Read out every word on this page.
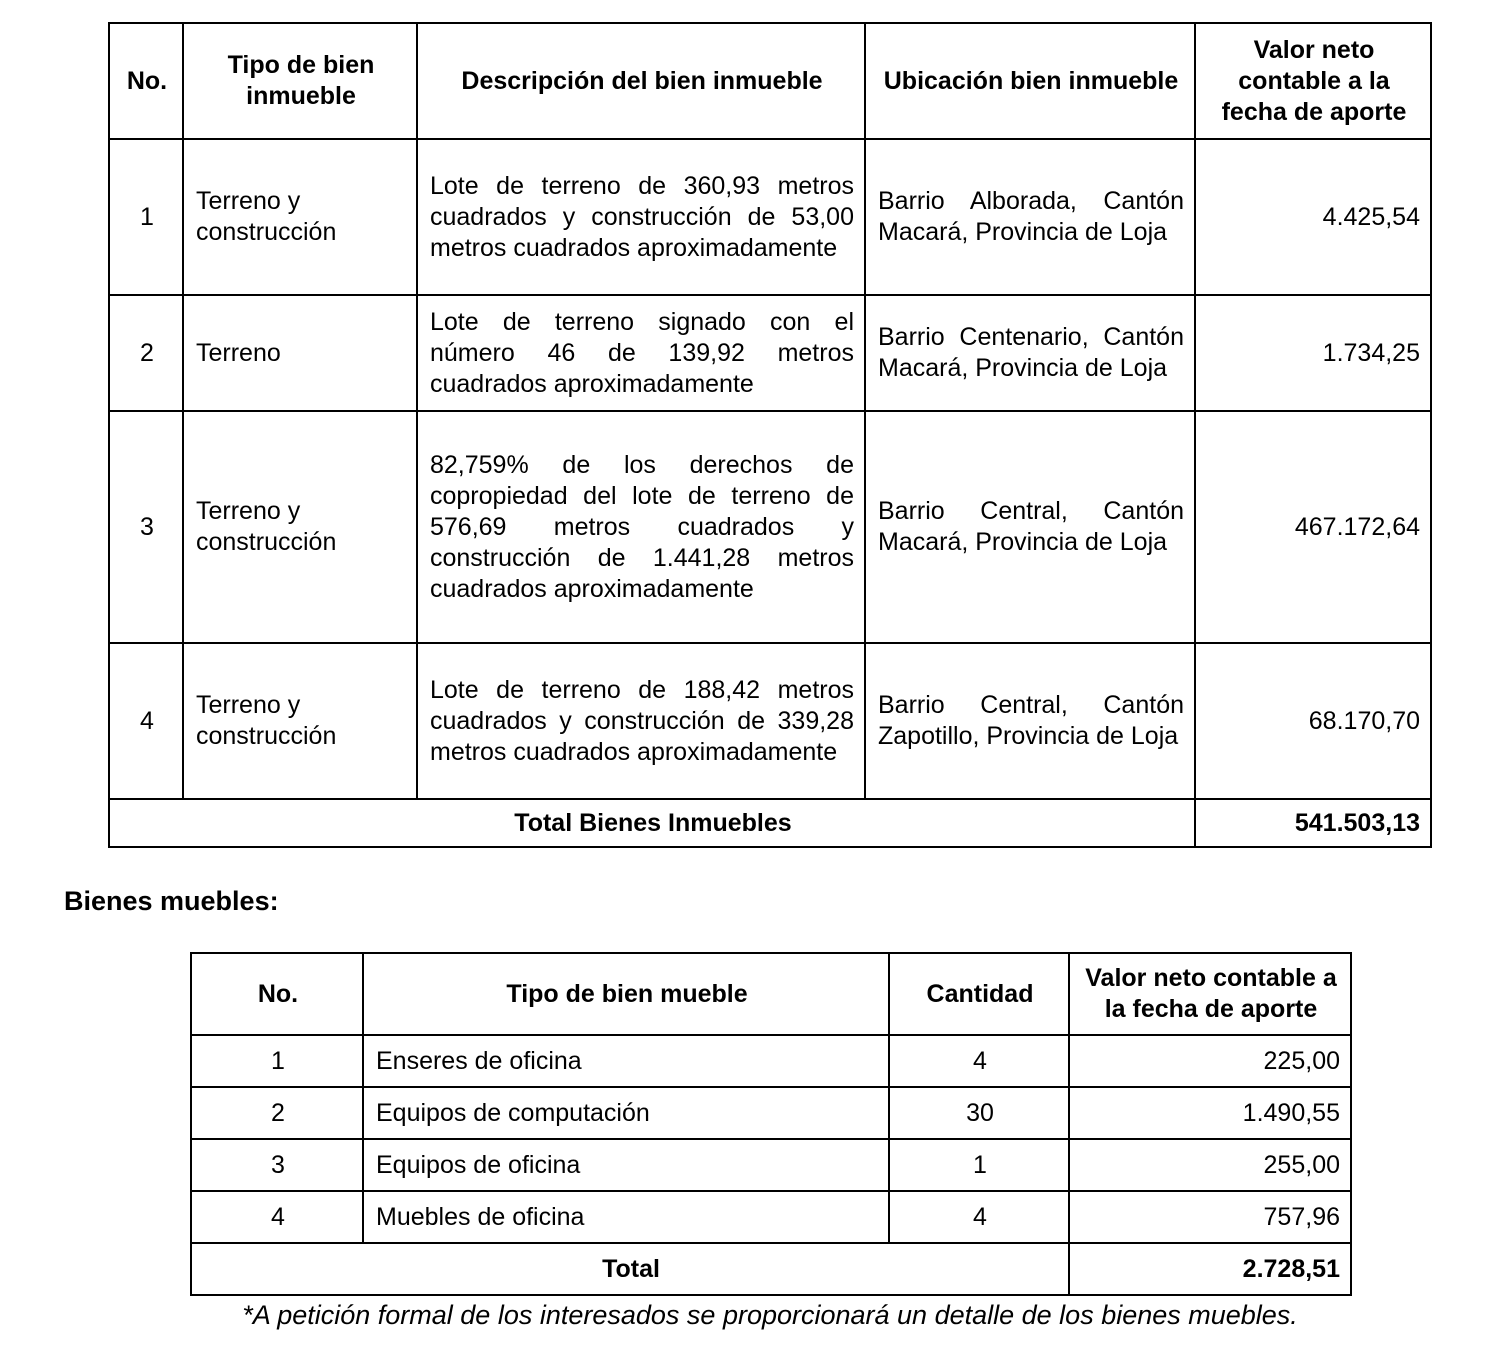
No.	Tipo de bien inmueble	Descripción del bien inmueble	Ubicación bien inmueble	Valor neto contable a la fecha de aporte
1	Terreno y construcción	Lote de terreno de 360,93 metros cuadrados y construcción de 53,00 metros cuadrados aproximadamente	Barrio Alborada, Cantón Macará, Provincia de Loja	4.425,54
2	Terreno	Lote de terreno signado con el número 46 de 139,92 metros cuadrados aproximadamente	Barrio Centenario, Cantón Macará, Provincia de Loja	1.734,25
3	Terreno y construcción	82,759% de los derechos de copropiedad del lote de terreno de 576,69 metros cuadrados y construcción de 1.441,28 metros cuadrados aproximadamente	Barrio Central, Cantón Macará, Provincia de Loja	467.172,64
4	Terreno y construcción	Lote de terreno de 188,42 metros cuadrados y construcción de 339,28 metros cuadrados aproximadamente	Barrio Central, Cantón Zapotillo, Provincia de Loja	68.170,70
Total Bienes Inmuebles				541.503,13

Bienes muebles:

No.	Tipo de bien mueble	Cantidad	Valor neto contable a la fecha de aporte
1	Enseres de oficina	4	225,00
2	Equipos de computación	30	1.490,55
3	Equipos de oficina	1	255,00
4	Muebles de oficina	4	757,96
Total			2.728,51

*A petición formal de los interesados se proporcionará un detalle de los bienes muebles.
